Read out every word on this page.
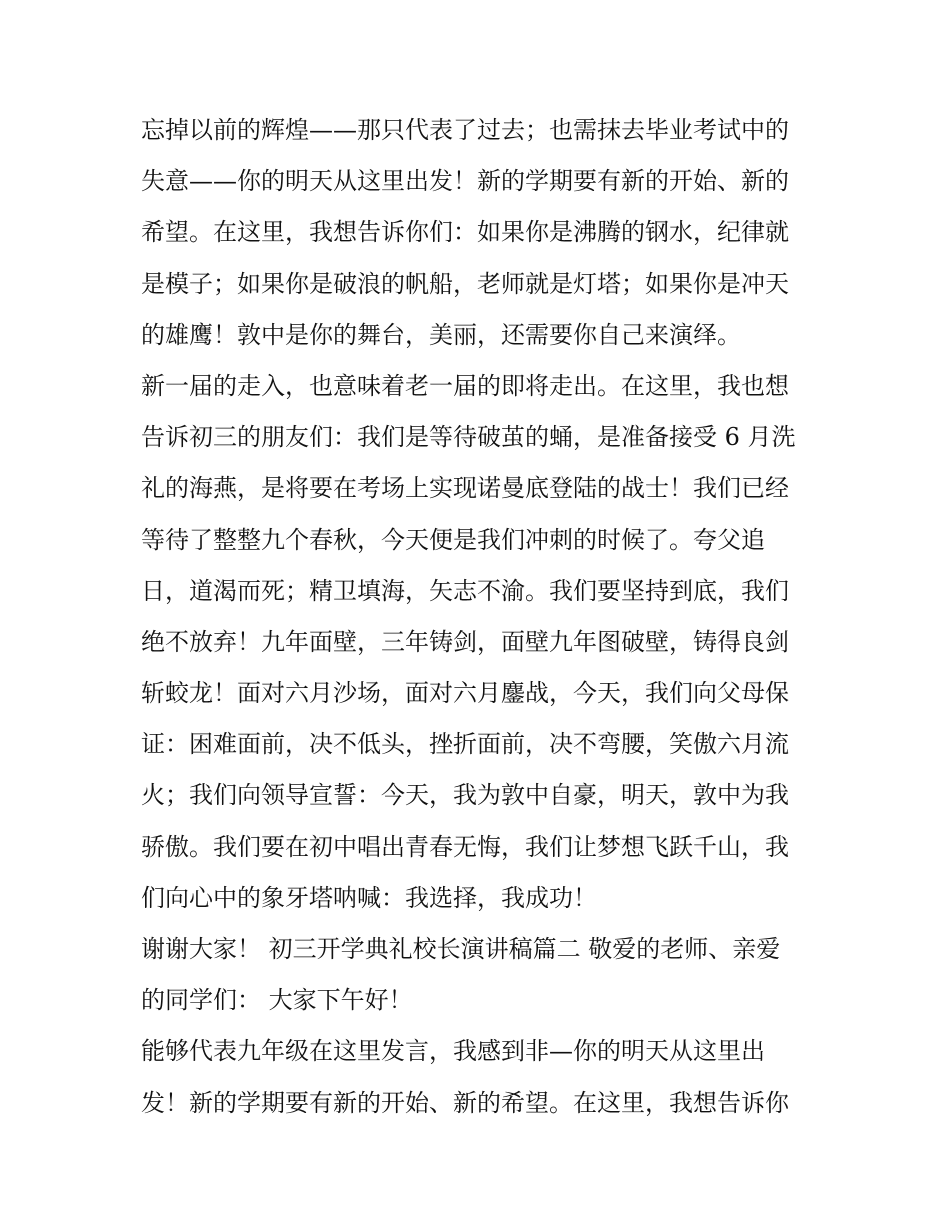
忘掉以前的辉煌——那只代表了过去；也需抹去毕业考试中的
失意——你的明天从这里出发！新的学期要有新的开始、新的
希望。在这里，我想告诉你们：如果你是沸腾的钢水，纪律就
是模子；如果你是破浪的帆船，老师就是灯塔；如果你是冲天
的雄鹰！敦中是你的舞台，美丽，还需要你自己来演绎。
新一届的走入，也意味着老一届的即将走出。在这里，我也想
告诉初三的朋友们：我们是等待破茧的蛹，是准备接受 6 月洗
礼的海燕，是将要在考场上实现诺曼底登陆的战士！我们已经
等待了整整九个春秋，今天便是我们冲刺的时候了。夸父追
日，道渴而死；精卫填海，矢志不渝。我们要坚持到底，我们
绝不放弃！九年面壁，三年铸剑，面壁九年图破壁，铸得良剑
斩蛟龙！面对六月沙场，面对六月鏖战，今天，我们向父母保
证：困难面前，决不低头，挫折面前，决不弯腰，笑傲六月流
火；我们向领导宣誓：今天，我为敦中自豪，明天，敦中为我
骄傲。我们要在初中唱出青春无悔，我们让梦想飞跃千山，我
们向心中的象牙塔呐喊：我选择，我成功！
谢谢大家！ 初三开学典礼校长演讲稿篇二 敬爱的老师、亲爱
的同学们： 大家下午好！
能够代表九年级在这里发言，我感到非—你的明天从这里出
发！新的学期要有新的开始、新的希望。在这里，我想告诉你
